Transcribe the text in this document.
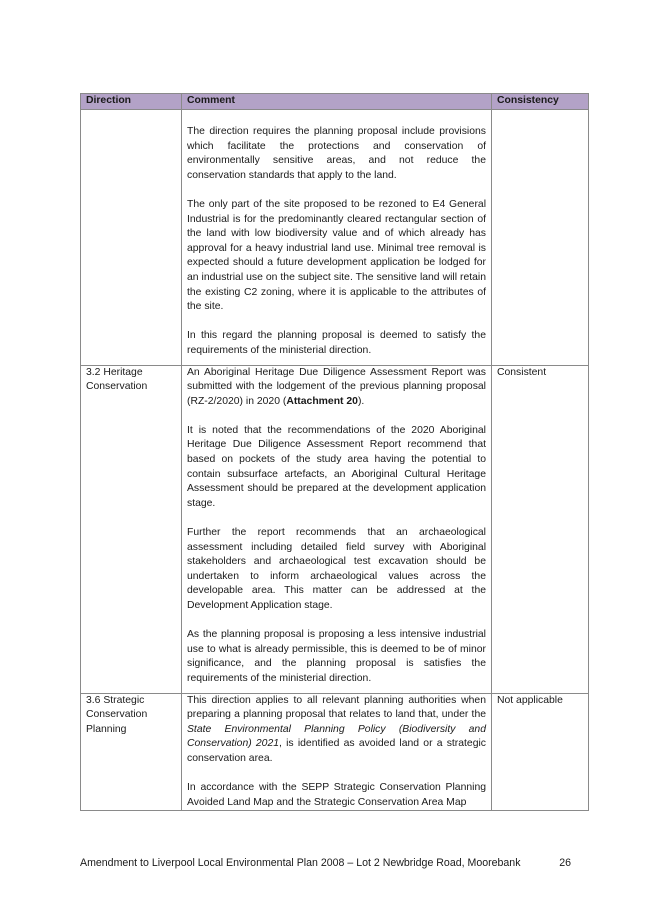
Direction	Comment	Consistency

	The direction requires the planning proposal include provisions which facilitate the protections and conservation of environmentally sensitive areas, and not reduce the conservation standards that apply to the land.

The only part of the site proposed to be rezoned to E4 General Industrial is for the predominantly cleared rectangular section of the land with low biodiversity value and of which already has approval for a heavy industrial land use. Minimal tree removal is expected should a future development application be lodged for an industrial use on the subject site. The sensitive land will retain the existing C2 zoning, where it is applicable to the attributes of the site.

In this regard the planning proposal is deemed to satisfy the requirements of the ministerial direction.	

3.2 Heritage Conservation	An Aboriginal Heritage Due Diligence Assessment Report was submitted with the lodgement of the previous planning proposal (RZ-2/2020) in 2020 (Attachment 20).

It is noted that the recommendations of the 2020 Aboriginal Heritage Due Diligence Assessment Report recommend that based on pockets of the study area having the potential to contain subsurface artefacts, an Aboriginal Cultural Heritage Assessment should be prepared at the development application stage.

Further the report recommends that an archaeological assessment including detailed field survey with Aboriginal stakeholders and archaeological test excavation should be undertaken to inform archaeological values across the developable area. This matter can be addressed at the Development Application stage.

As the planning proposal is proposing a less intensive industrial use to what is already permissible, this is deemed to be of minor significance, and the planning proposal is satisfies the requirements of the ministerial direction.	Consistent
3.6 Strategic Conservation Planning	This direction applies to all relevant planning authorities when preparing a planning proposal that relates to land that, under the State Environmental Planning Policy (Biodiversity and Conservation) 2021, is identified as avoided land or a strategic conservation area.

In accordance with the SEPP Strategic Conservation Planning Avoided Land Map and the Strategic Conservation Area Map	Not applicable
Amendment to Liverpool Local Environmental Plan 2008 – Lot 2 Newbridge Road, Moorebank	26
